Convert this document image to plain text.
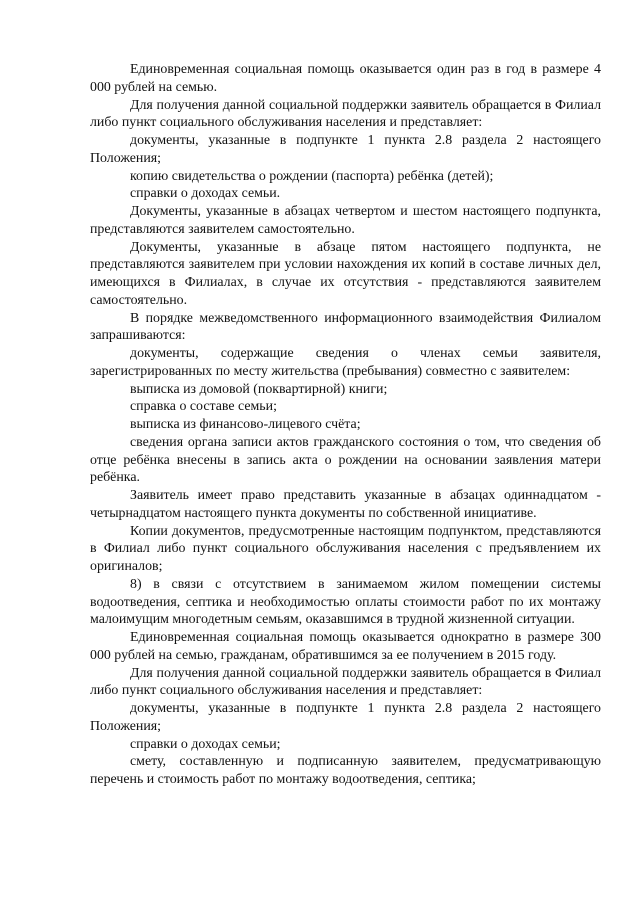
Единовременная социальная помощь оказывается один раз в год в размере 4 000 рублей на семью.

Для получения данной социальной поддержки заявитель обращается в Филиал либо пункт социального обслуживания населения и представляет:

документы, указанные в подпункте 1 пункта 2.8 раздела 2 настоящего Положения;

копию свидетельства о рождении (паспорта) ребёнка (детей);

справки о доходах семьи.

Документы, указанные в абзацах четвертом и шестом настоящего подпункта, представляются заявителем самостоятельно.

Документы, указанные в абзаце пятом настоящего подпункта, не представляются заявителем при условии нахождения их копий в составе личных дел, имеющихся в Филиалах, в случае их отсутствия - представляются заявителем самостоятельно.

В порядке межведомственного информационного взаимодействия Филиалом запрашиваются:

документы, содержащие сведения о членах семьи заявителя, зарегистрированных по месту жительства (пребывания) совместно с заявителем:

выписка из домовой (поквартирной) книги;

справка о составе семьи;

выписка из финансово-лицевого счёта;

сведения органа записи актов гражданского состояния о том, что сведения об отце ребёнка внесены в запись акта о рождении на основании заявления матери ребёнка.

Заявитель имеет право представить указанные в абзацах одиннадцатом - четырнадцатом настоящего пункта документы по собственной инициативе.

Копии документов, предусмотренные настоящим подпунктом, представляются в Филиал либо пункт социального обслуживания населения с предъявлением их оригиналов;

8) в связи с отсутствием в занимаемом жилом помещении системы водоотведения, септика и необходимостью оплаты стоимости работ по их монтажу малоимущим многодетным семьям, оказавшимся в трудной жизненной ситуации.

Единовременная социальная помощь оказывается однократно в размере 300 000 рублей на семью, гражданам, обратившимся за ее получением в 2015 году.

Для получения данной социальной поддержки заявитель обращается в Филиал либо пункт социального обслуживания населения и представляет:

документы, указанные в подпункте 1 пункта 2.8 раздела 2 настоящего Положения;

справки о доходах семьи;

смету, составленную и подписанную заявителем, предусматривающую перечень и стоимость работ по монтажу водоотведения, септика;
